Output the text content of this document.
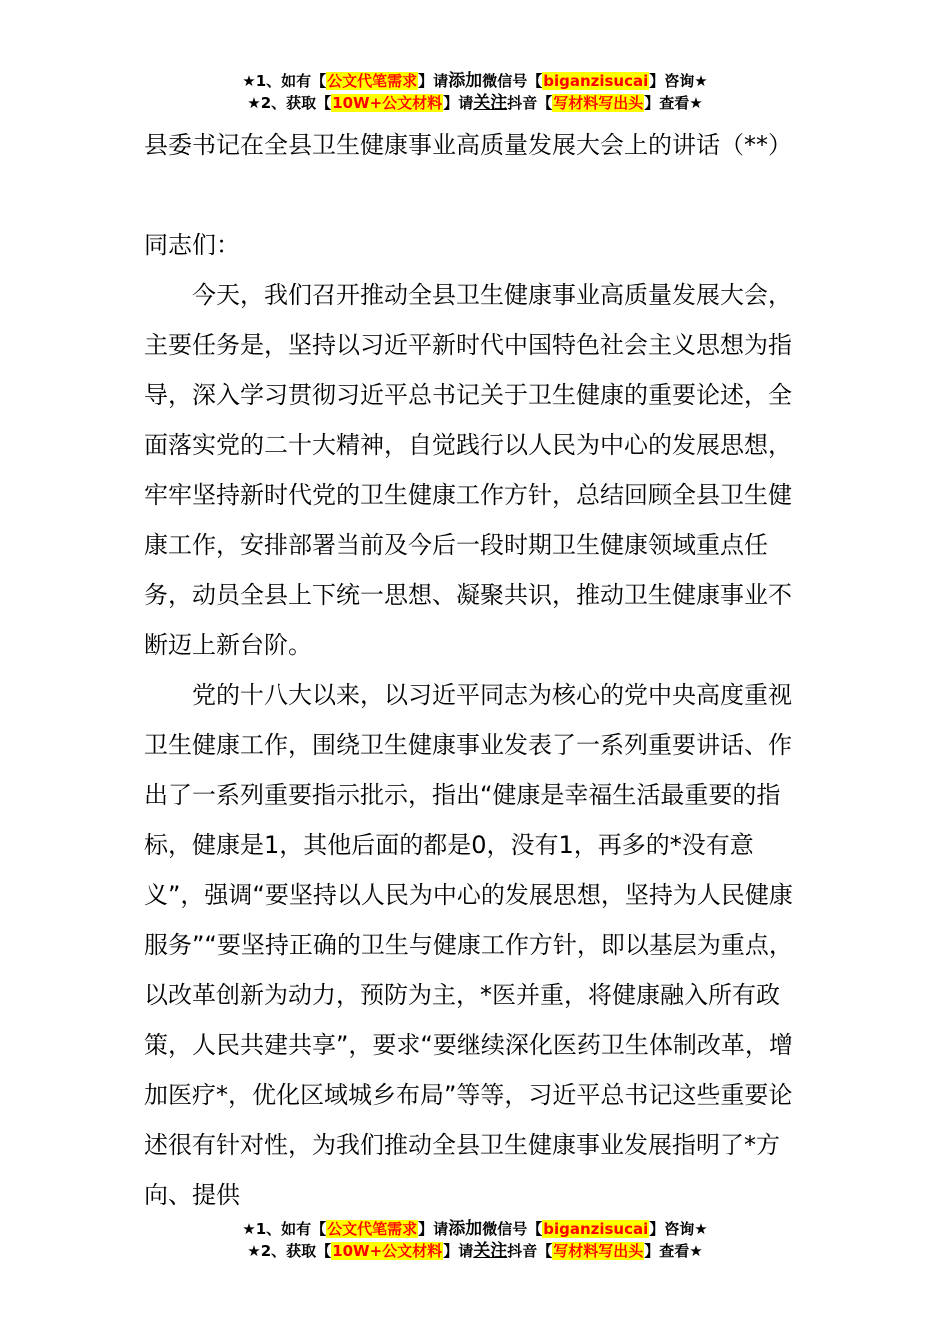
★1、如有【公文代笔需求】请添加微信号【biganzisucai】咨询★
★2、获取【10W+公文材料】请关注抖音【写材料写出头】查看★
县委书记在全县卫生健康事业高质量发展大会上的讲话（**）

同志们：

今天，我们召开推动全县卫生健康事业高质量发展大会，主要任务是，坚持以习近平新时代中国特色社会主义思想为指导，深入学习贯彻习近平总书记关于卫生健康的重要论述，全面落实党的二十大精神，自觉践行以人民为中心的发展思想，牢牢坚持新时代党的卫生健康工作方针，总结回顾全县卫生健康工作，安排部署当前及今后一段时期卫生健康领域重点任务，动员全县上下统一思想、凝聚共识，推动卫生健康事业不断迈上新台阶。

党的十八大以来，以习近平同志为核心的党中央高度重视卫生健康工作，围绕卫生健康事业发表了一系列重要讲话、作出了一系列重要指示批示，指出“健康是幸福生活最重要的指标，健康是1，其他后面的都是0，没有1，再多的*没有意义”，强调“要坚持以人民为中心的发展思想，坚持为人民健康服务”“要坚持正确的卫生与健康工作方针，即以基层为重点，以改革创新为动力，预防为主，*医并重，将健康融入所有政策，人民共建共享”，要求“要继续深化医药卫生体制改革，增加医疗*，优化区域城乡布局”等等，习近平总书记这些重要论述很有针对性，为我们推动全县卫生健康事业发展指明了*方向、提供

★1、如有【公文代笔需求】请添加微信号【biganzisucai】咨询★
★2、获取【10W+公文材料】请关注抖音【写材料写出头】查看★
